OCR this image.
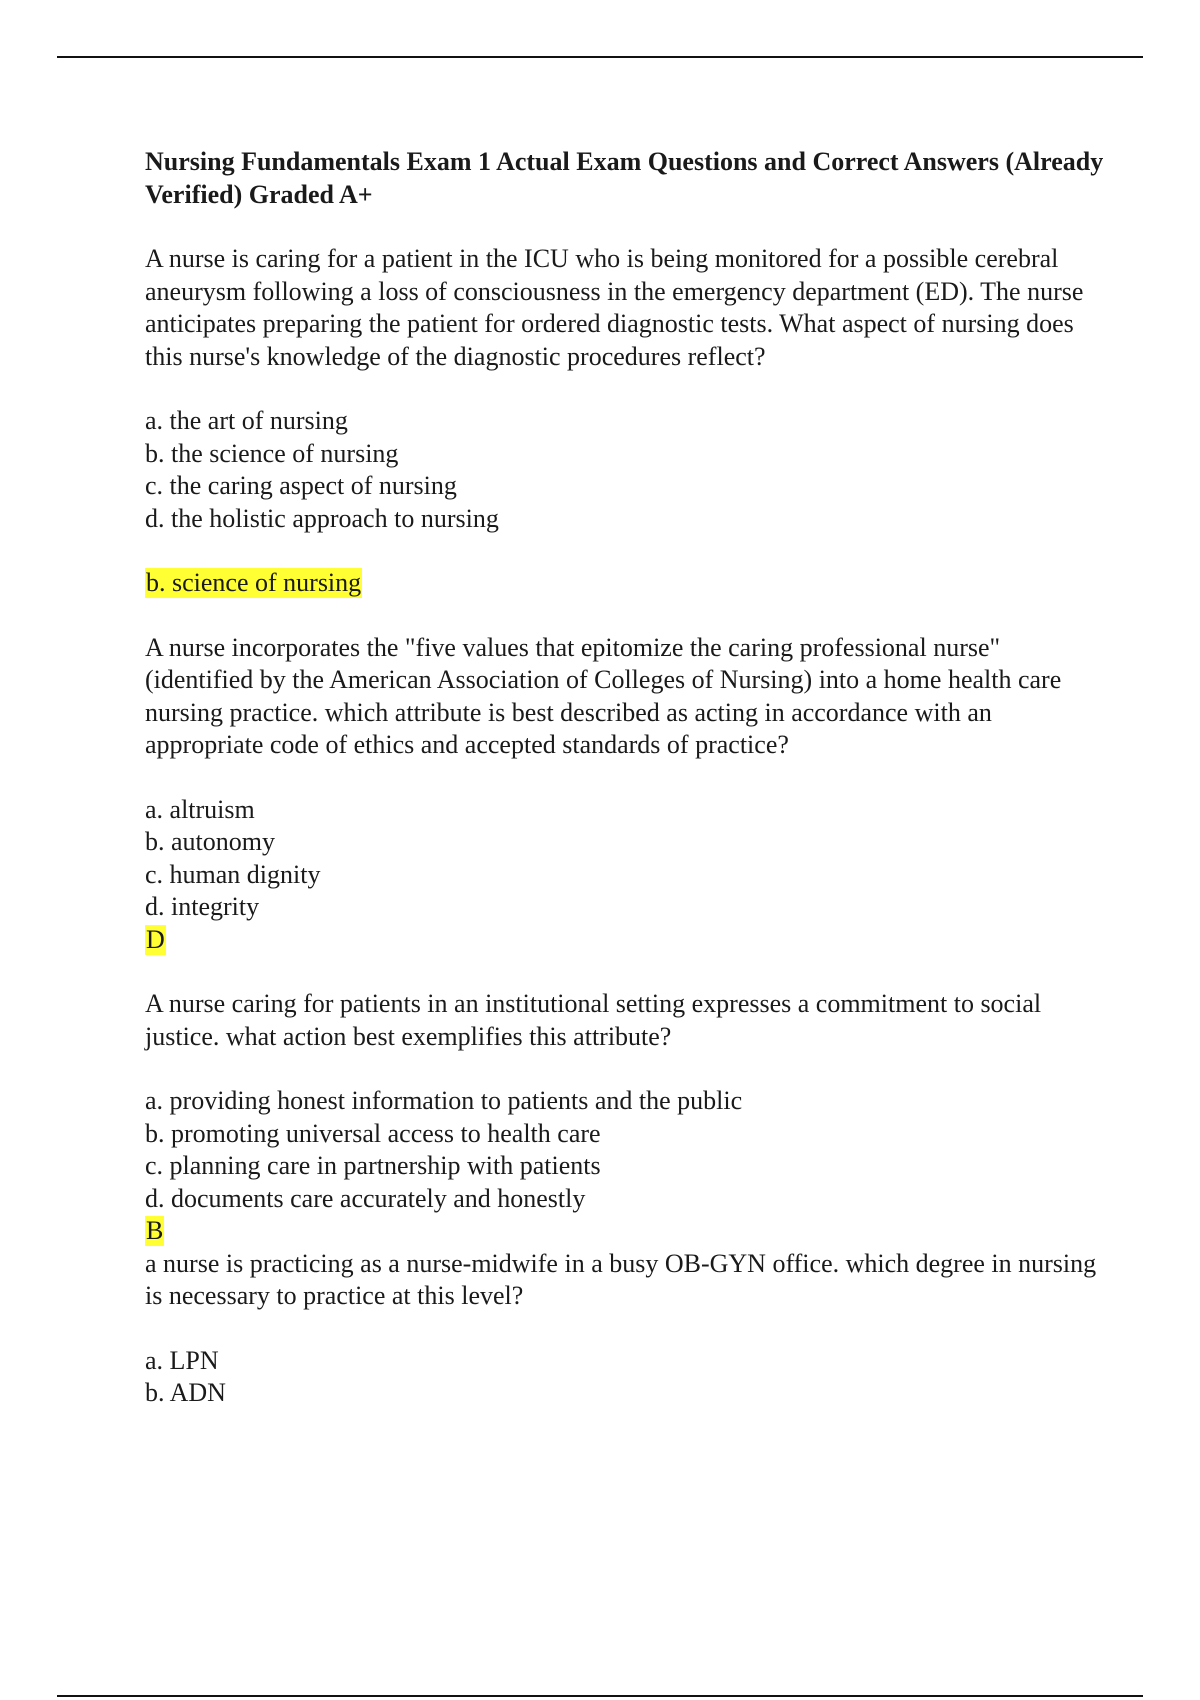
Nursing Fundamentals Exam 1 Actual Exam Questions and Correct Answers (Already Verified) Graded A+

A nurse is caring for a patient in the ICU who is being monitored for a possible cerebral aneurysm following a loss of consciousness in the emergency department (ED). The nurse anticipates preparing the patient for ordered diagnostic tests. What aspect of nursing does this nurse's knowledge of the diagnostic procedures reflect?

a. the art of nursing
b. the science of nursing
c. the caring aspect of nursing
d. the holistic approach to nursing

b. science of nursing

A nurse incorporates the "five values that epitomize the caring professional nurse" (identified by the American Association of Colleges of Nursing) into a home health care nursing practice. which attribute is best described as acting in accordance with an appropriate code of ethics and accepted standards of practice?

a. altruism
b. autonomy
c. human dignity
d. integrity

D

A nurse caring for patients in an institutional setting expresses a commitment to social justice. what action best exemplifies this attribute?

a. providing honest information to patients and the public
b. promoting universal access to health care
c. planning care in partnership with patients
d. documents care accurately and honestly

B

a nurse is practicing as a nurse-midwife in a busy OB-GYN office. which degree in nursing is necessary to practice at this level?

a. LPN
b. ADN
